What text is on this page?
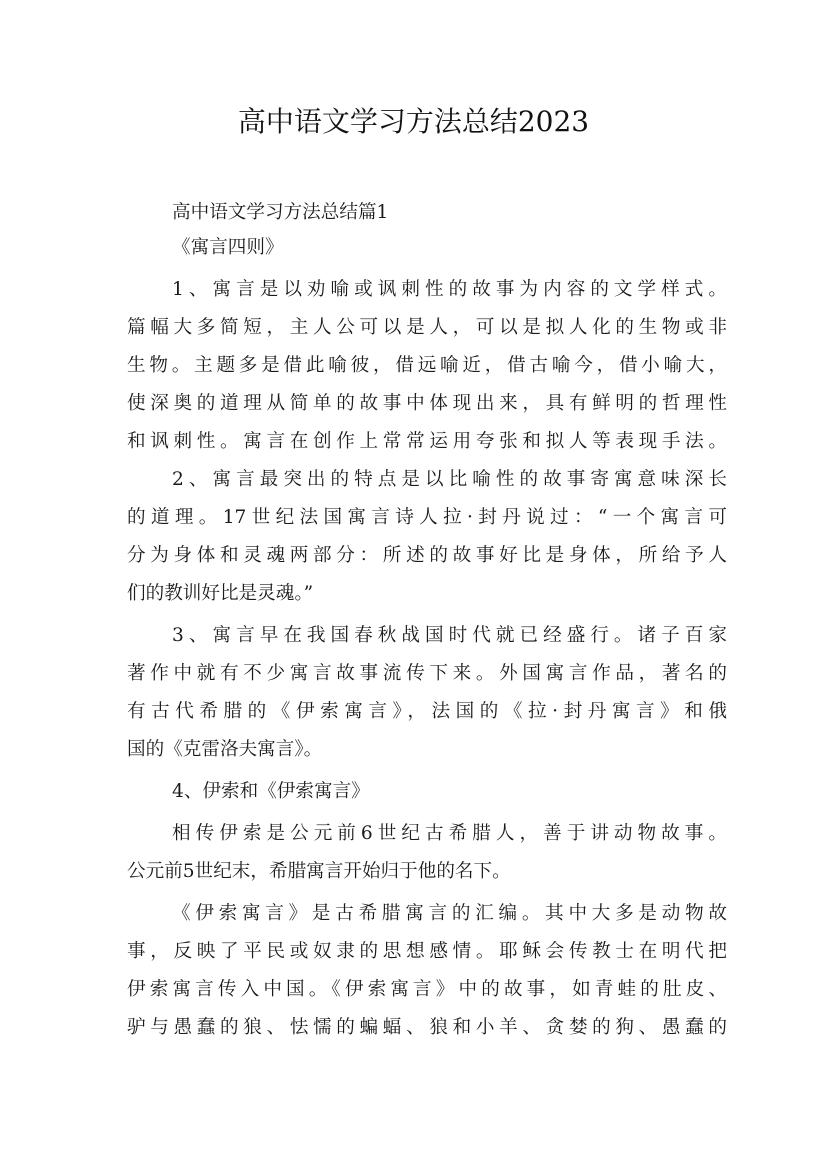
高中语文学习方法总结2023
高中语文学习方法总结篇1
《寓言四则》
1、寓言是以劝喻或讽刺性的故事为内容的文学样式。
篇幅大多简短，主人公可以是人，可以是拟人化的生物或非
生物。主题多是借此喻彼，借远喻近，借古喻今，借小喻大，
使深奥的道理从简单的故事中体现出来，具有鲜明的哲理性
和讽刺性。寓言在创作上常常运用夸张和拟人等表现手法。
2、寓言最突出的特点是以比喻性的故事寄寓意味深长
的道理。17世纪法国寓言诗人拉·封丹说过：“一个寓言可
分为身体和灵魂两部分：所述的故事好比是身体，所给予人
们的教训好比是灵魂。”
3、寓言早在我国春秋战国时代就已经盛行。诸子百家
著作中就有不少寓言故事流传下来。外国寓言作品，著名的
有古代希腊的《伊索寓言》，法国的《拉·封丹寓言》和俄
国的《克雷洛夫寓言》。
4、伊索和《伊索寓言》
相传伊索是公元前6世纪古希腊人，善于讲动物故事。
公元前5世纪末，希腊寓言开始归于他的名下。
《伊索寓言》是古希腊寓言的汇编。其中大多是动物故
事，反映了平民或奴隶的思想感情。耶稣会传教士在明代把
伊索寓言传入中国。《伊索寓言》中的故事，如青蛙的肚皮、
驴与愚蠢的狼、怯懦的蝙蝠、狼和小羊、贪婪的狗、愚蠢的
